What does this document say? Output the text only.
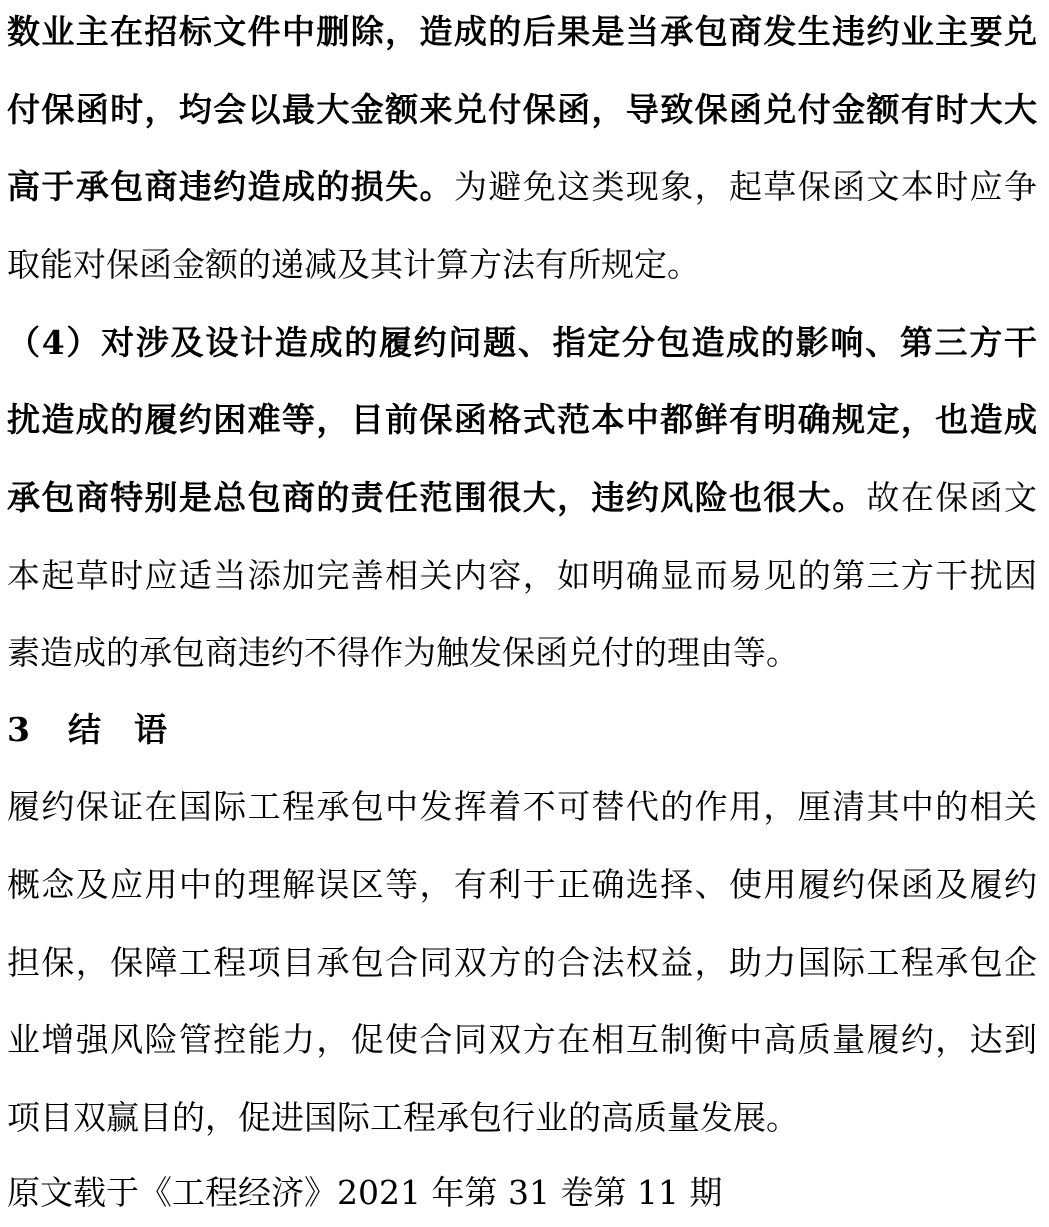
数业主在招标文件中删除，造成的后果是当承包商发生违约业主要兑
付保函时，均会以最大金额来兑付保函，导致保函兑付金额有时大大
高于承包商违约造成的损失。为避免这类现象，起草保函文本时应争
取能对保函金额的递减及其计算方法有所规定。
（4）对涉及设计造成的履约问题、指定分包造成的影响、第三方干
扰造成的履约困难等，目前保函格式范本中都鲜有明确规定，也造成
承包商特别是总包商的责任范围很大，违约风险也很大。故在保函文
本起草时应适当添加完善相关内容，如明确显而易见的第三方干扰因
素造成的承包商违约不得作为触发保函兑付的理由等。
3 结 语
履约保证在国际工程承包中发挥着不可替代的作用，厘清其中的相关
概念及应用中的理解误区等，有利于正确选择、使用履约保函及履约
担保，保障工程项目承包合同双方的合法权益，助力国际工程承包企
业增强风险管控能力，促使合同双方在相互制衡中高质量履约，达到
项目双赢目的，促进国际工程承包行业的高质量发展。
原文载于《工程经济》2021 年第 31 卷第 11 期
